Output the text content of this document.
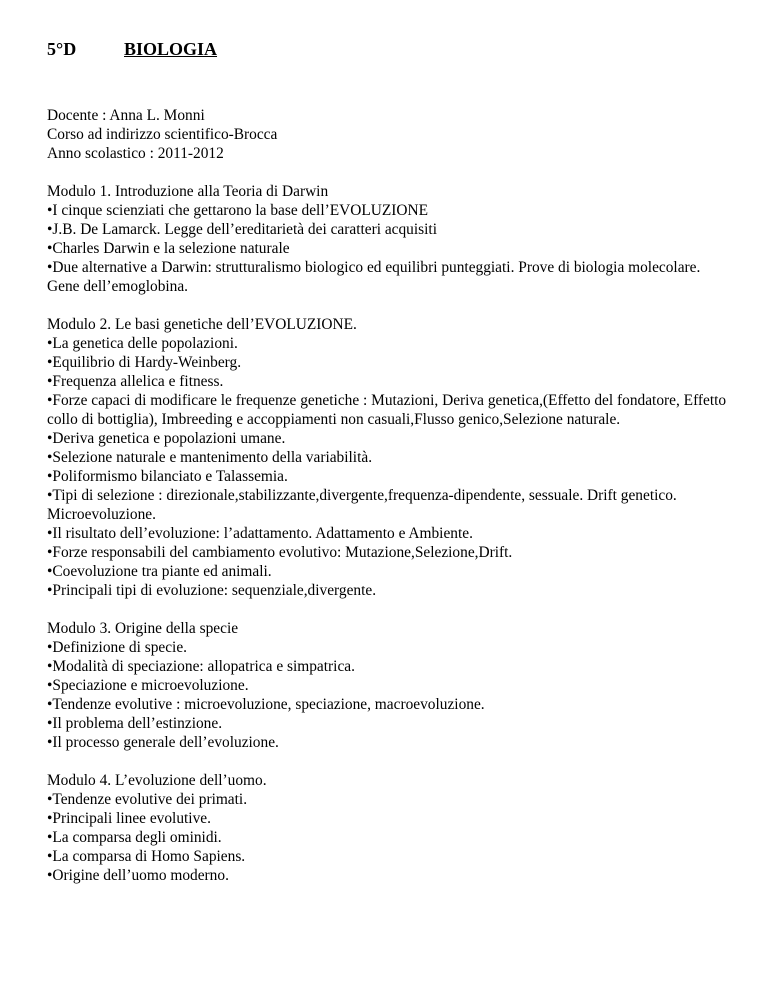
5°D	BIOLOGIA
Docente : Anna L. Monni
Corso ad indirizzo scientifico-Brocca
Anno scolastico : 2011-2012
Modulo 1. Introduzione alla Teoria di Darwin
•I cinque scienziati che gettarono la base dell’EVOLUZIONE
•J.B. De Lamarck. Legge dell’ereditarietà dei caratteri acquisiti
•Charles Darwin e la selezione naturale
•Due alternative a Darwin: strutturalismo biologico ed equilibri punteggiati. Prove di biologia molecolare. Gene dell’emoglobina.
Modulo 2. Le basi genetiche dell’EVOLUZIONE.
•La genetica delle popolazioni.
•Equilibrio di Hardy-Weinberg.
•Frequenza allelica e fitness.
•Forze capaci di modificare le frequenze genetiche : Mutazioni, Deriva genetica,(Effetto del fondatore, Effetto collo di bottiglia), Imbreeding e accoppiamenti non casuali,Flusso genico,Selezione naturale.
•Deriva genetica e popolazioni umane.
•Selezione naturale e mantenimento della variabilità.
•Poliformismo bilanciato e Talassemia.
•Tipi di selezione : direzionale,stabilizzante,divergente,frequenza-dipendente, sessuale. Drift genetico. Microevoluzione.
•Il risultato dell’evoluzione: l’adattamento. Adattamento e Ambiente.
•Forze responsabili del cambiamento evolutivo: Mutazione,Selezione,Drift.
•Coevoluzione tra piante ed animali.
•Principali tipi di evoluzione: sequenziale,divergente.
Modulo 3. Origine della specie
•Definizione di specie.
•Modalità di speciazione: allopatrica e simpatrica.
•Speciazione e microevoluzione.
•Tendenze evolutive : microevoluzione, speciazione, macroevoluzione.
•Il problema dell’estinzione.
•Il processo generale dell’evoluzione.
Modulo 4. L’evoluzione dell’uomo.
•Tendenze evolutive dei primati.
•Principali linee evolutive.
•La comparsa degli ominidi.
•La comparsa di Homo Sapiens.
•Origine dell’uomo moderno.
